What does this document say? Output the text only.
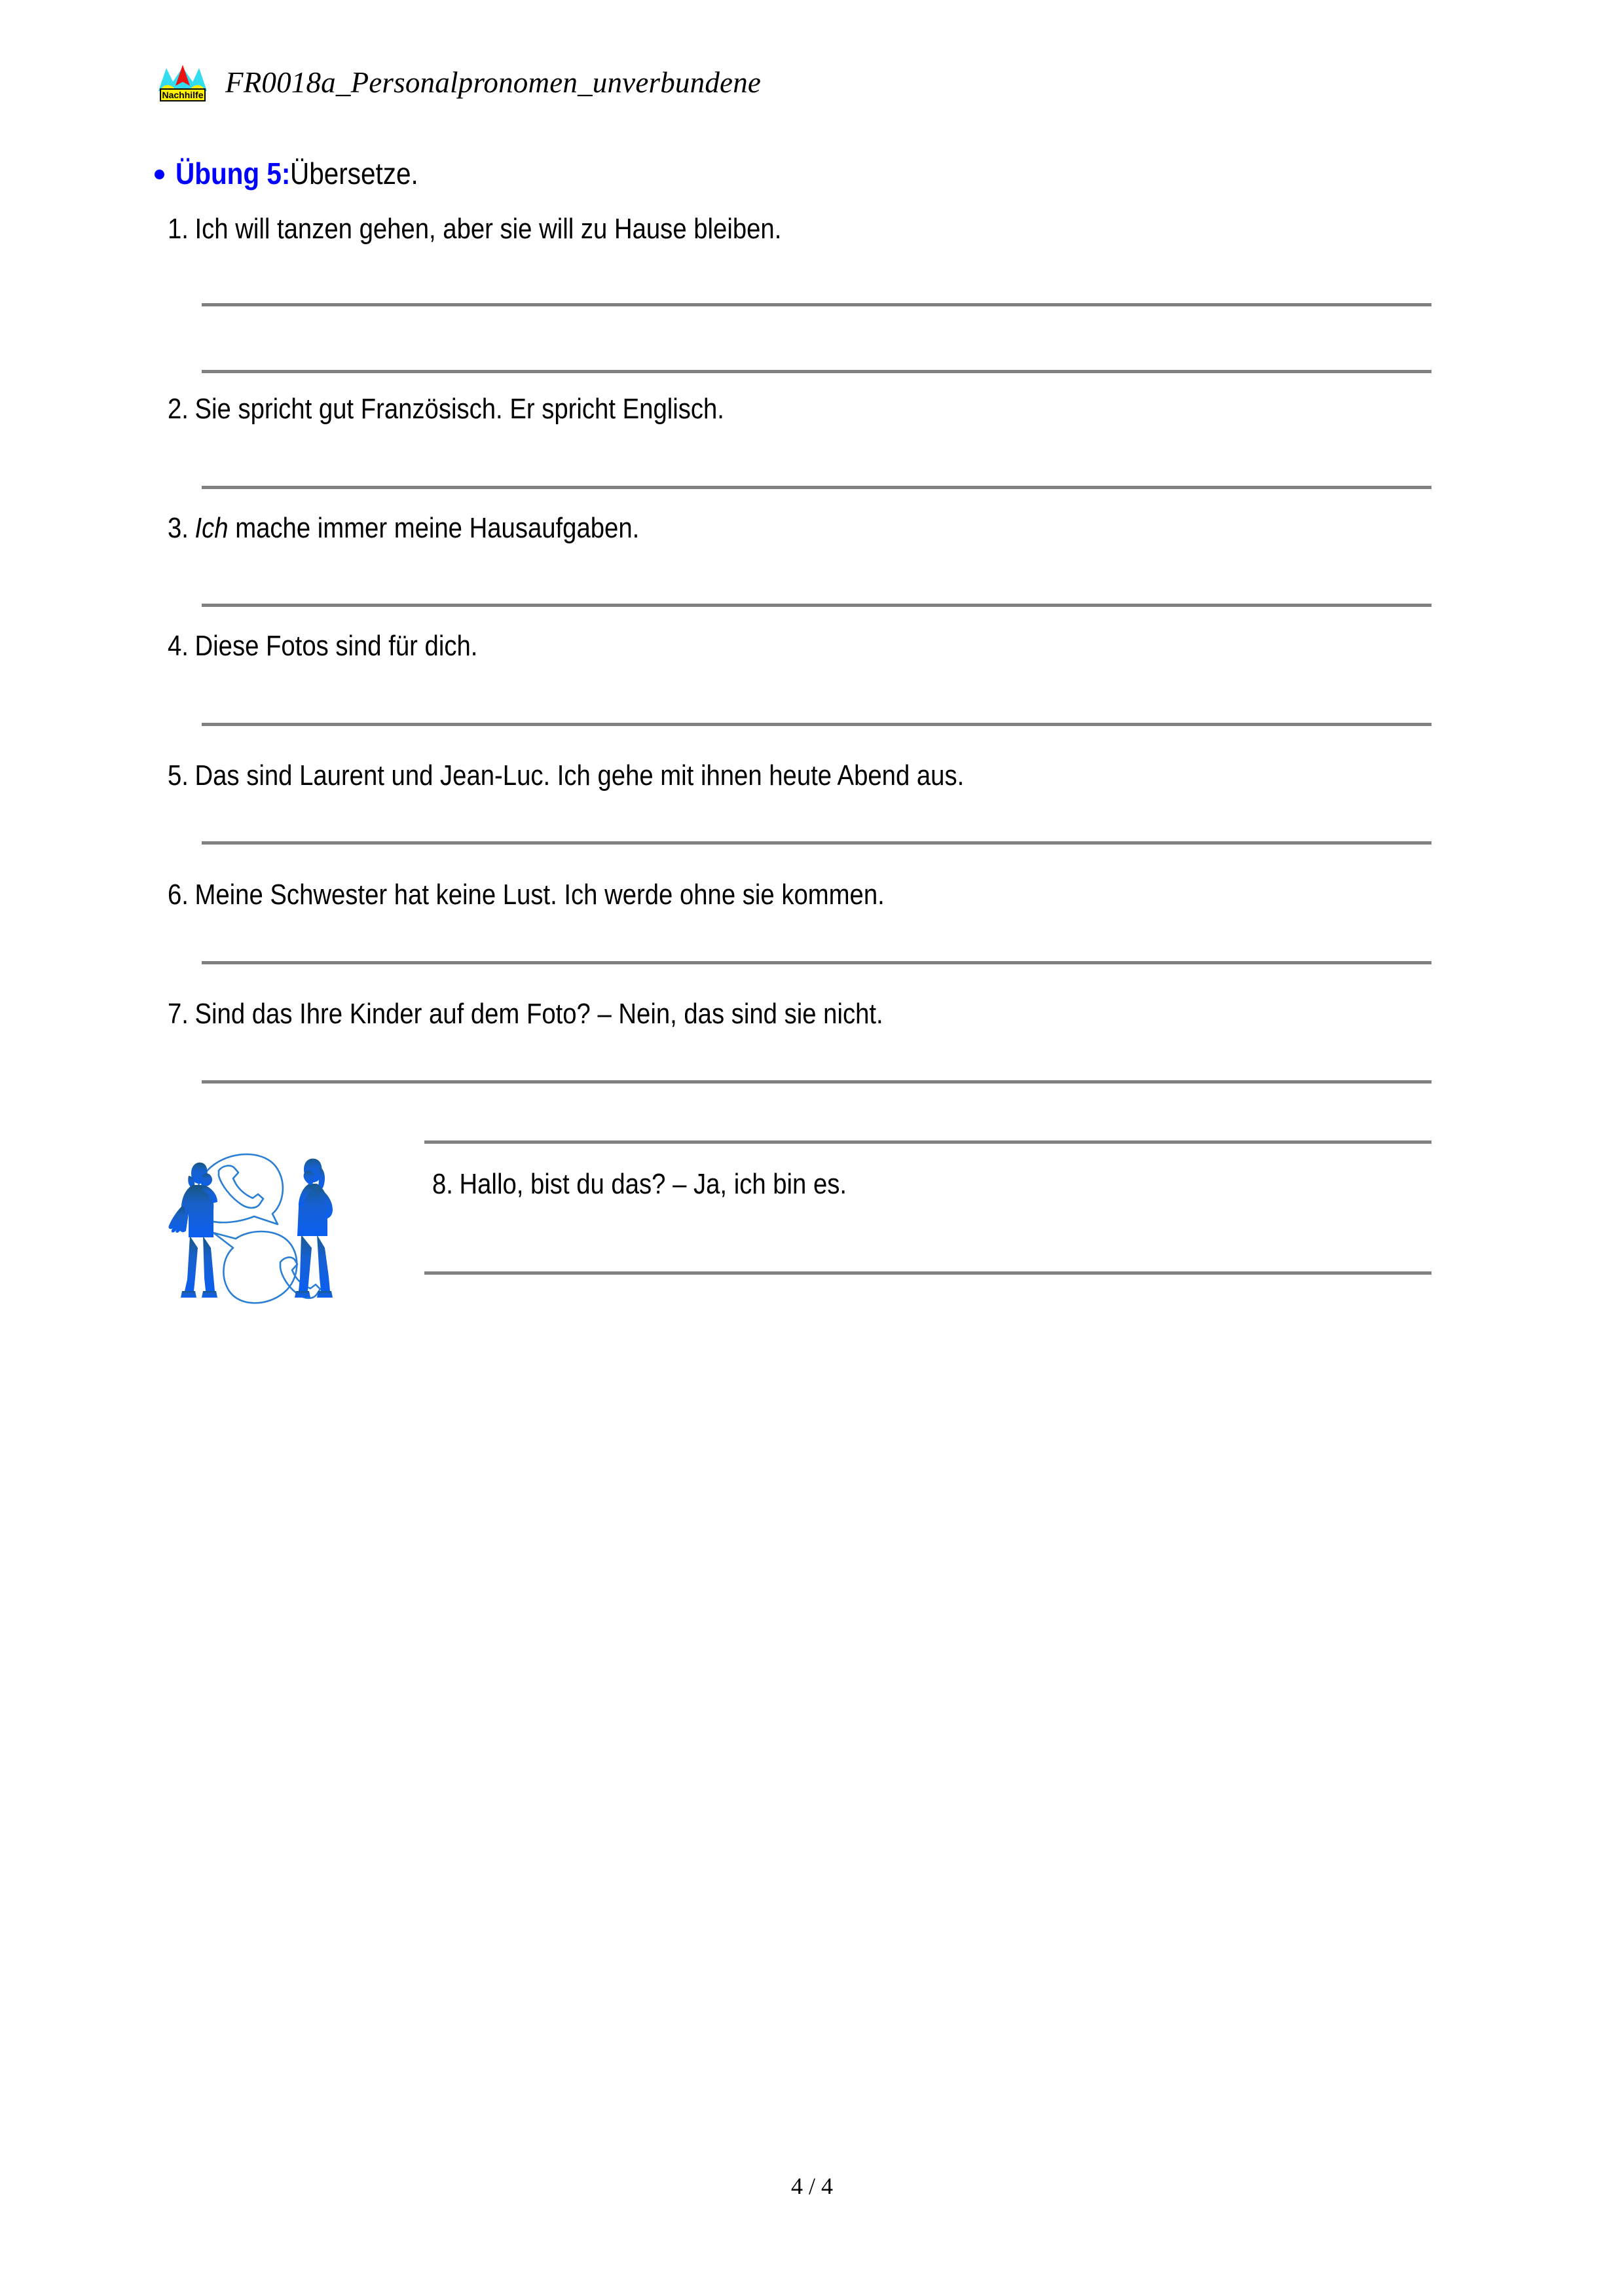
Nachhilfe FR0018a_Personalpronomen_unverbundene
Übung 5: Übersetze.
1. Ich will tanzen gehen, aber sie will zu Hause bleiben.
2. Sie spricht gut Französisch. Er spricht Englisch.
3. Ich mache immer meine Hausaufgaben.
4. Diese Fotos sind für dich.
5. Das sind Laurent und Jean-Luc. Ich gehe mit ihnen heute Abend aus.
6. Meine Schwester hat keine Lust. Ich werde ohne sie kommen.
7. Sind das Ihre Kinder auf dem Foto? – Nein, das sind sie nicht.
8. Hallo, bist du das? – Ja, ich bin es.
4 / 4
